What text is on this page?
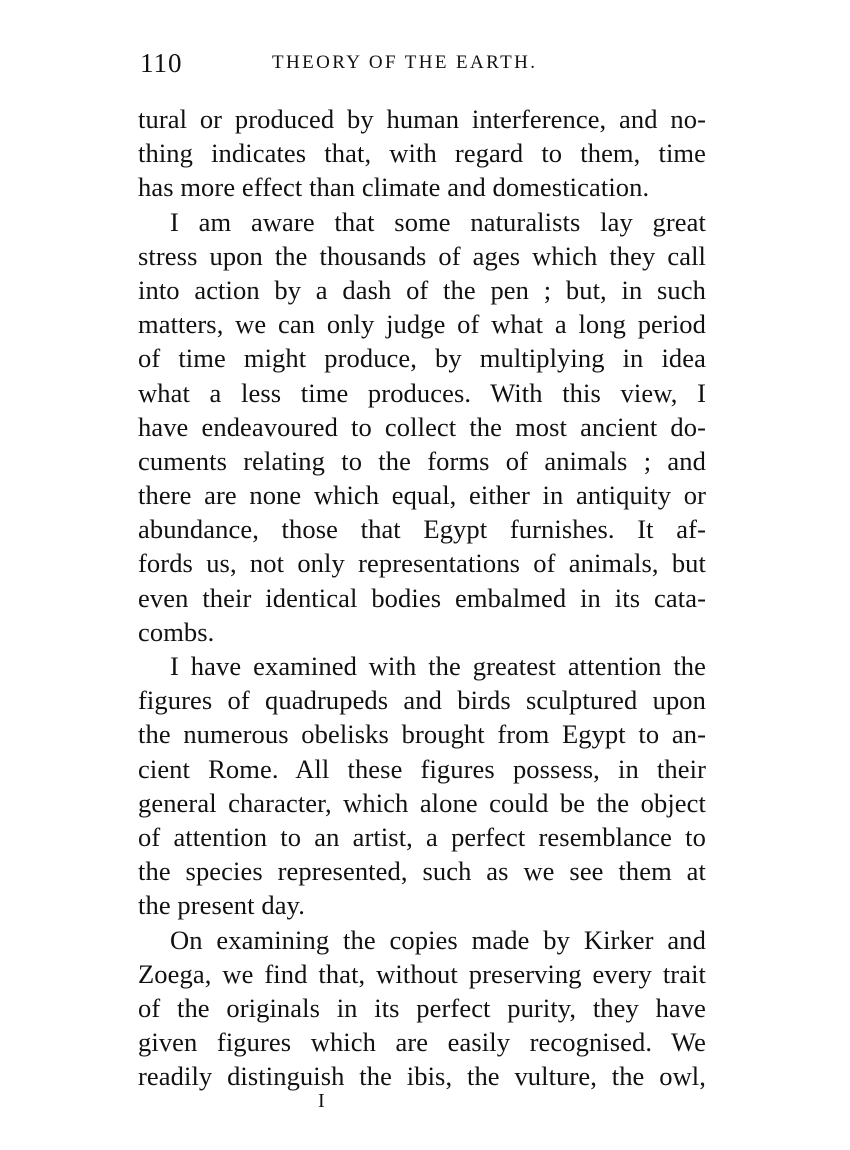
110	THEORY OF THE EARTH.
tural or produced by human interference, and no-
thing indicates that, with regard to them, time
has more effect than climate and domestication.
I am aware that some naturalists lay great
stress upon the thousands of ages which they call
into action by a dash of the pen ; but, in such
matters, we can only judge of what a long period
of time might produce, by multiplying in idea
what a less time produces. With this view, I
have endeavoured to collect the most ancient do-
cuments relating to the forms of animals ; and
there are none which equal, either in antiquity or
abundance, those that Egypt furnishes. It af-
fords us, not only representations of animals, but
even their identical bodies embalmed in its cata-
combs.
I have examined with the greatest attention the
figures of quadrupeds and birds sculptured upon
the numerous obelisks brought from Egypt to an-
cient Rome. All these figures possess, in their
general character, which alone could be the object
of attention to an artist, a perfect resemblance to
the species represented, such as we see them at
the present day.
On examining the copies made by Kirker and
Zoega, we find that, without preserving every trait
of the originals in its perfect purity, they have
given figures which are easily recognised. We
readily distinguish the ibis, the vulture, the owl,
I
